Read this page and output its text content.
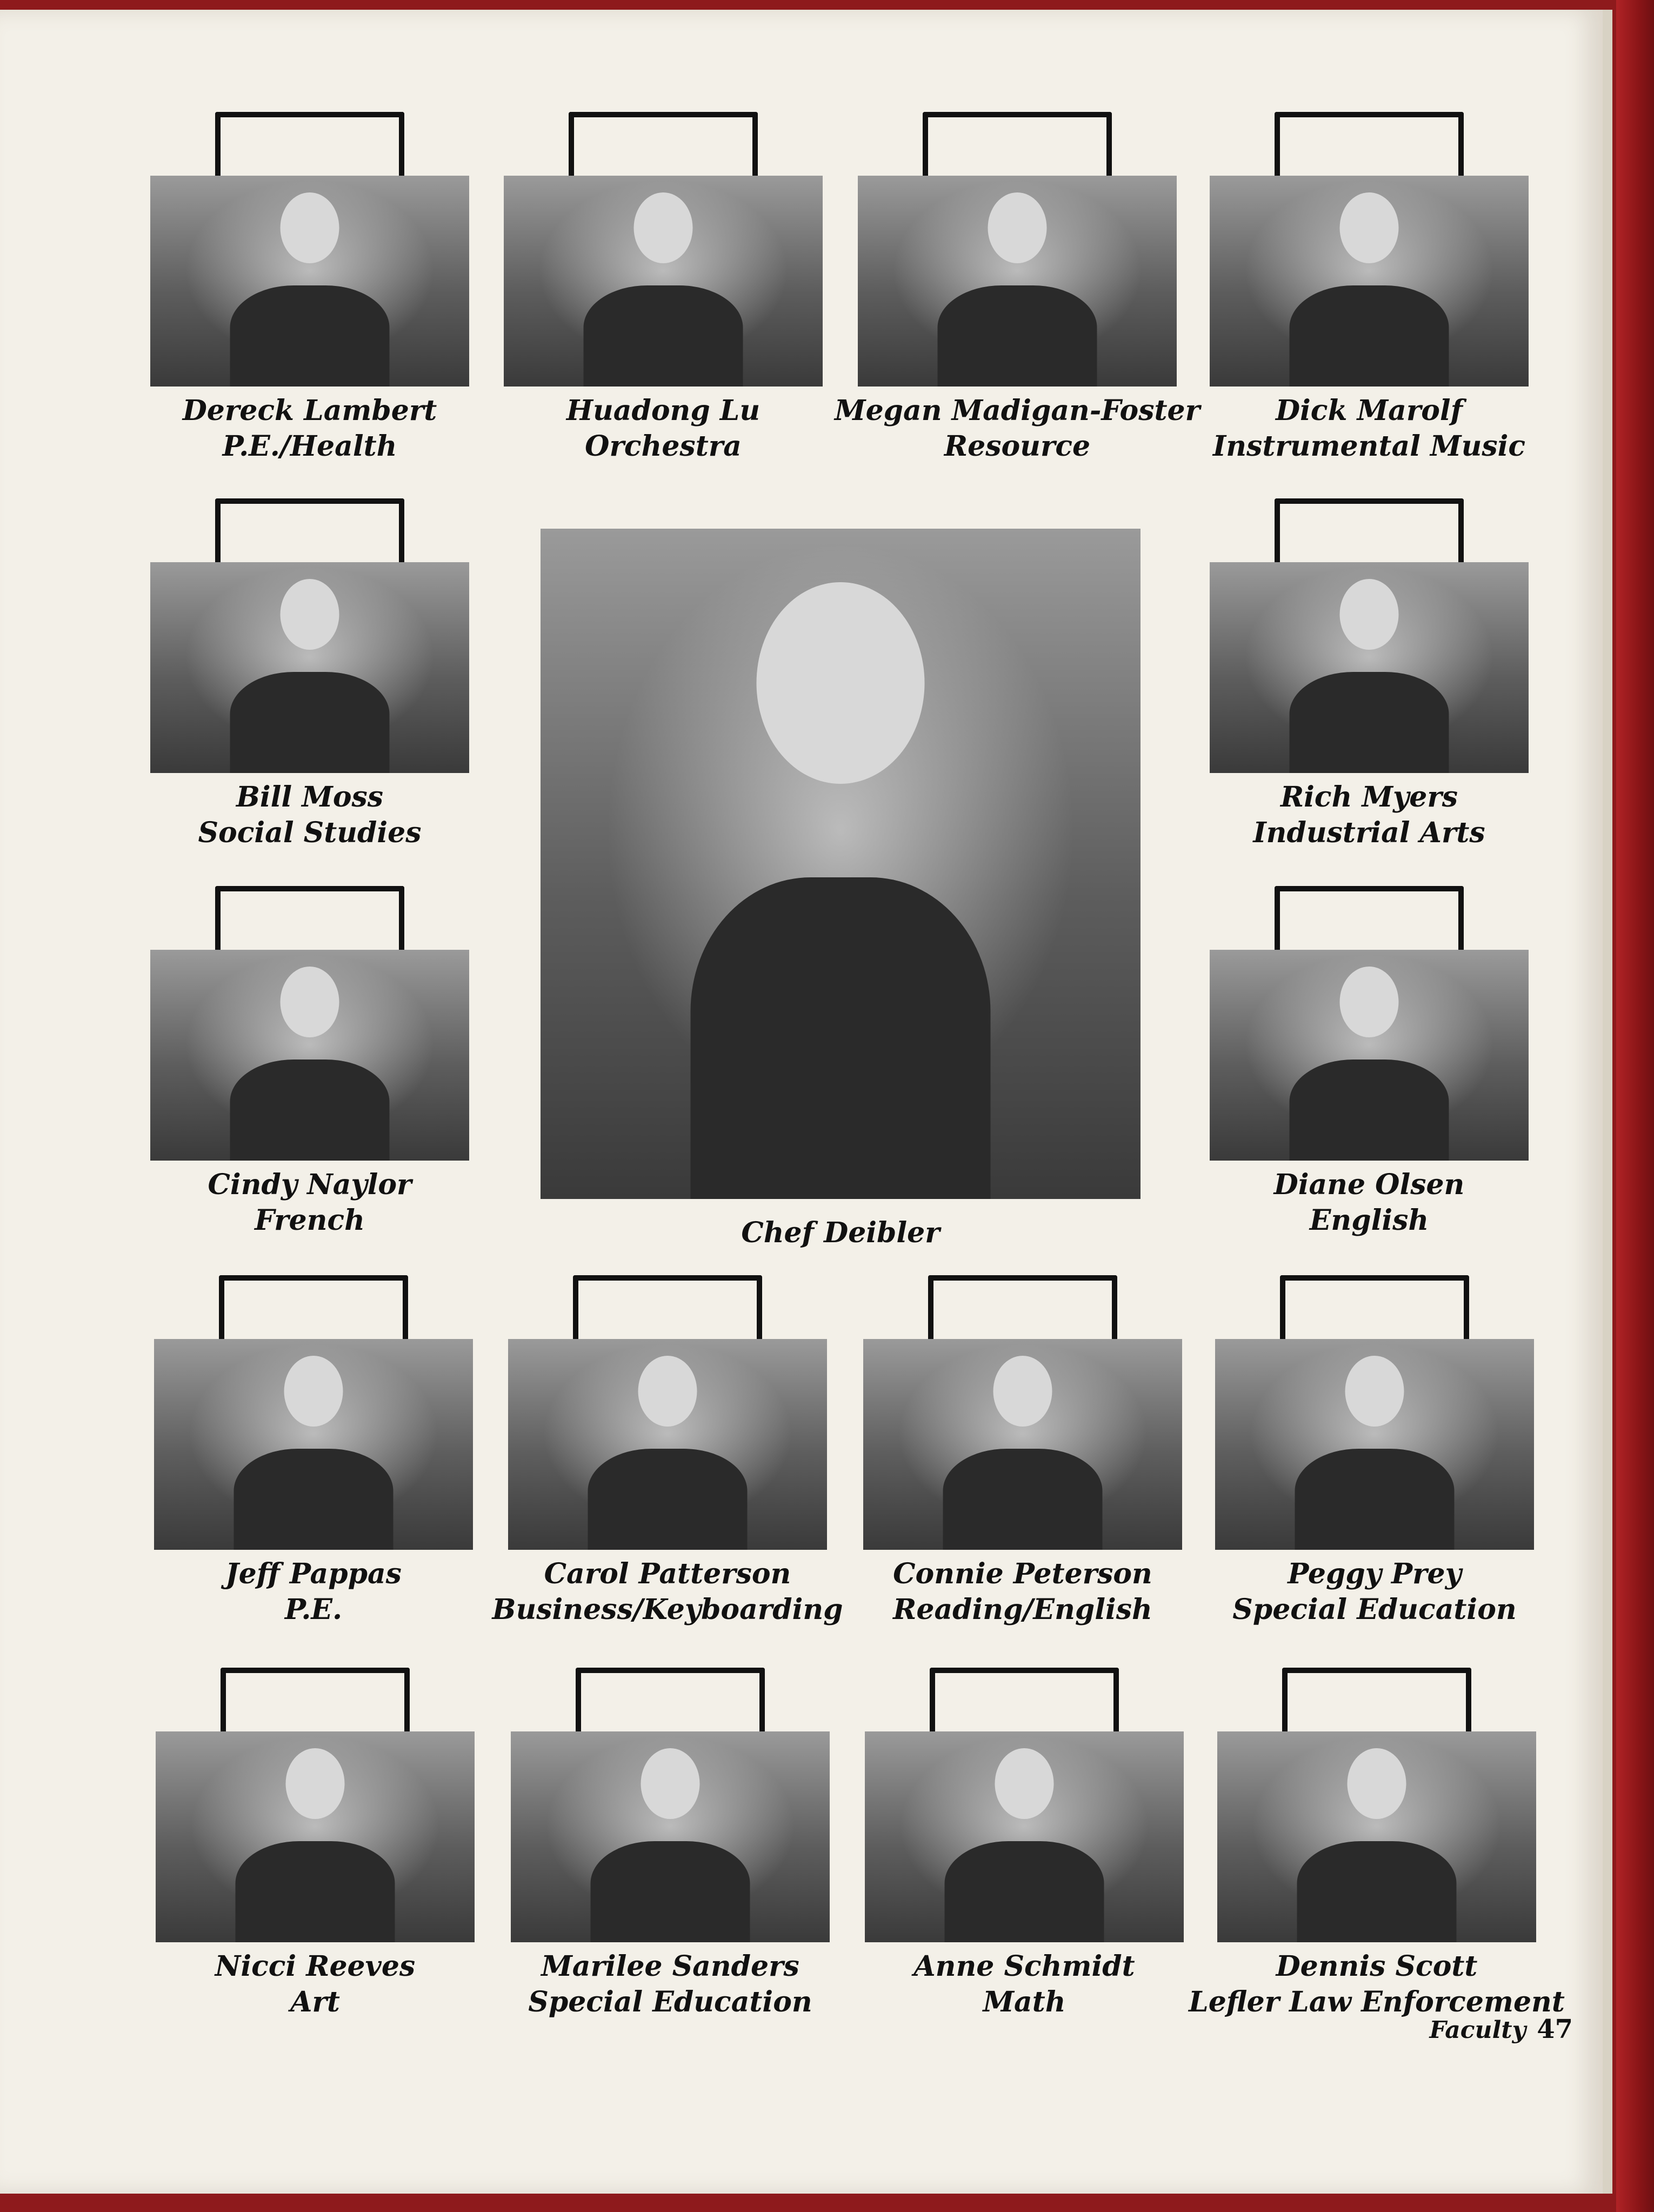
Faculty 47
Dereck Lambert
P.E./Health
Huadong Lu
Orchestra
Megan Madigan-Foster
Resource
Dick Marolf
Instrumental Music
Bill Moss
Social Studies
Rich Myers
Industrial Arts
Cindy Naylor
French
Diane Olsen
English
Chef Deibler
Jeff Pappas
P.E.
Carol Patterson
Business/Keyboarding
Connie Peterson
Reading/English
Peggy Prey
Special Education
Nicci Reeves
Art
Marilee Sanders
Special Education
Anne Schmidt
Math
Dennis Scott
Lefler Law Enforcement
